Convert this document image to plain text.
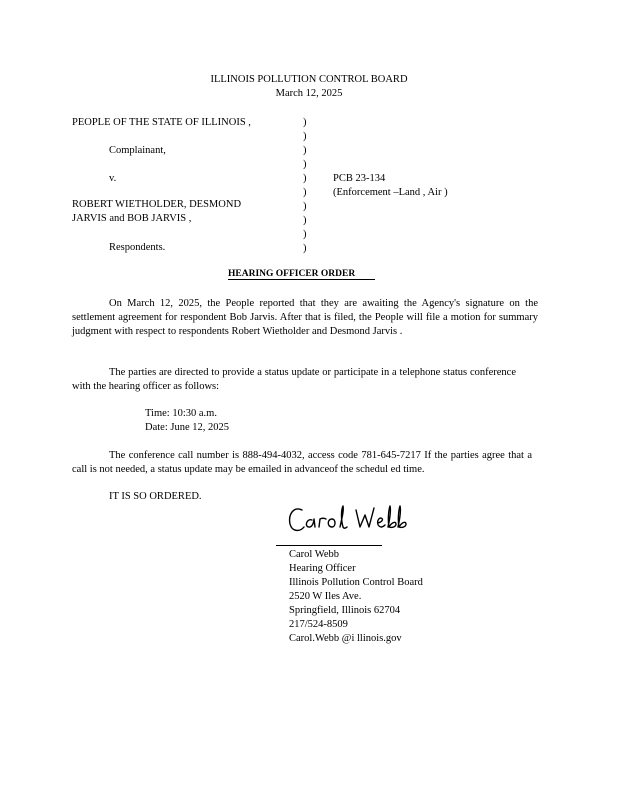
ILLINOIS POLLUTION CONTROL BOARD
March 12, 2025
PEOPLE OF THE STATE OF ILLINOIS ,
Complainant,
v.
ROBERT WIETHOLDER, DESMOND
JARVIS and BOB JARVIS ,
Respondents.
)
)
)
)
)
)
)
)
)
)
PCB 23-134
(Enforcement –Land , Air )
HEARING OFFICER ORDER
On March 12, 2025, the People reported that they are awaiting the Agency's signature on the settlement agreement for respondent Bob Jarvis. After that is filed, the People will file a motion for summary judgment with respect to respondents Robert Wietholder and Desmond Jarvis .
The parties are directed to provide a status update or participate in a telephone status conference with the hearing officer as follows:
Time: 10:30 a.m.
Date: June 12, 2025
The conference call number is 888-494-4032, access code 781-645-7217 If the parties agree that a call is not needed, a status update may be emailed in advanceof the schedul ed time.
IT IS SO ORDERED.
Carol Webb
Hearing Officer
Illinois Pollution Control Board
2520 W Iles Ave.
Springfield, Illinois 62704
217/524-8509
Carol.Webb @i llinois.gov
